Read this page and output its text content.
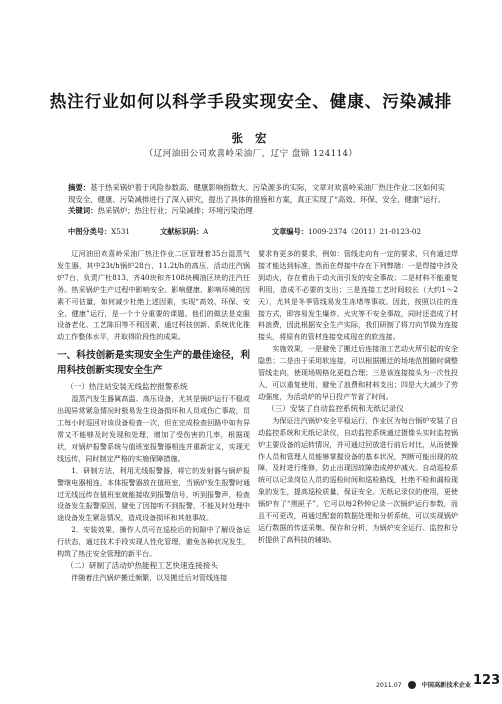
热注行业如何以科学手段实现安全、健康、污染减排
张 宏
（辽河油田公司欢喜岭采油厂，辽宁 盘锦 124114）
摘要：基于热采锅炉着于风险参数高、健康影响指数大、污染源多的实际，文章对欢喜岭采油厂热注作业二区如何实现安全、健康、污染减排进行了深入研究，提出了具体的措施和方案，真正实现了“高效、环保、安全、健康”运行。
关键词：热采锅炉；热注行业；污染减排；环境污染治理
中图分类号：X531	文献标识码：A	文章编号：1009-2374（2011）21-0123-02

辽河油田欢喜岭采油厂热注作业二区管理着35台湿蒸气发生器，其中23t/h锅炉28台，11.2t/h的高压、活动注汽锅炉7台，负责广杜813、齐40块和齐108块稠油区块的注汽任务。热采锅炉生产过程中影响安全、影响健康、影响环境的因素不可估量，如何减少杜绝上述因素，实现“高效、环保、安全、健康”运行，是一个十分重要的课题。他们的做法是克服设备老化、工艺陈旧等不利因素，通过科技创新、系统优化推动工作整体水平，并取得阶段性的成果。

一、科技创新是实现安全生产的最佳途径，利用科技创新实现安全生产
（一）热注站安装无线监控报警系统

湿蒸汽发生器属高温、高压设备，尤其是锅炉运行不稳或出现异常紧急情况时极易发生设备损坏和人员或伤亡事故，员工每小时巡回对该设备检查一次，但在完成检查回路中如有异常又不能够及时发现和处理，增加了受伤害的几率，根据现状，对锅炉报警系统与值班室报警器相连并重新定义，实现无线远传，同时制定严格的实施保障措施。

1．研制方法，利用无线报警器，将它的发射器与锅炉报警继电器相连，本体报警器放在值班室，当锅炉发生报警时通过无线远传在值班室就能接收到报警信号，听到报警声，检查设备发生报警原因，避免了因接听不到报警，不能及时处理中途设备发生紧急情况，造成设备损坏和其他事故。

2．安装效果，操作人员可在巡检后的间隙中了解设备运行状态，通过技术手段实现人性化管理，避免各种状况发生，构筑了热注安全管理的新平台。

（二）研制了活动炉热能程工艺快速连接接头

伴随着注汽锅炉搬迁频繁，以及搬迁后对管线连接

要求有更多的要求，例如：管线走向有一定的要求，只有通过焊接才能达到标准，然而在焊接中存在下列弊端：一是焊接中涉及到动火，存在着由于动火而引发的安全事故；二是材料不能重复利用，造成不必要的支出；三是连接工艺时间较长（大约1～2天），尤其是冬季管线易发生冻堵等事故。因此，按照以往的连接方式，即容易发生爆炸、火灾等不安全事故，同时还造成了材料浪费，因此根据安全生产实际，我们研制了将刀向节做为连接接头，将原有的管材连接变成现在的软连接。

实施效果，一是避免了搬迁后连接油工艺动火所引起的安全隐患；二是由于采用软连接，可以根据搬迁的场地范围随时调整管线走向，使现场规格化更趋合理；三是该连接接头为一次性投入，可以重复使用，避免了浪费和材料支出；四是大大减少了劳动强度，为活动炉的早日投产节省了时间。

（三）安装了自动监控系统和无纸记录仪

为保证注汽锅炉安全平稳运行，作业区为每台锅炉安装了自动监控系统和无纸记录仪，自动监控系统通过摄像头实时监控锅炉主要设备的运转情况，并可通过回放进行前后对比，从而使操作人员和管理人员能够掌握设备的基本状况，判断可能出现的故障，及时进行维修，防止出现因故障造成停炉减火。自动巡检系统可以记录岗位人员的巡检时间和巡检路线，杜绝不检和漏检现象的发生，提高巡检质量，保证安全。无纸记录仪的使用，更使锅炉有了“黑匣子”，它可以每2秒钟记录一次锅炉运行参数，而且不可更改，再通过配套的数据处理和分析系统，可以实现锅炉运行数据的传送采集、保存和分析，为锅炉安全运行、监控和分析提供了高科技的辅助。

2011.07	中国高新技术企业 123
